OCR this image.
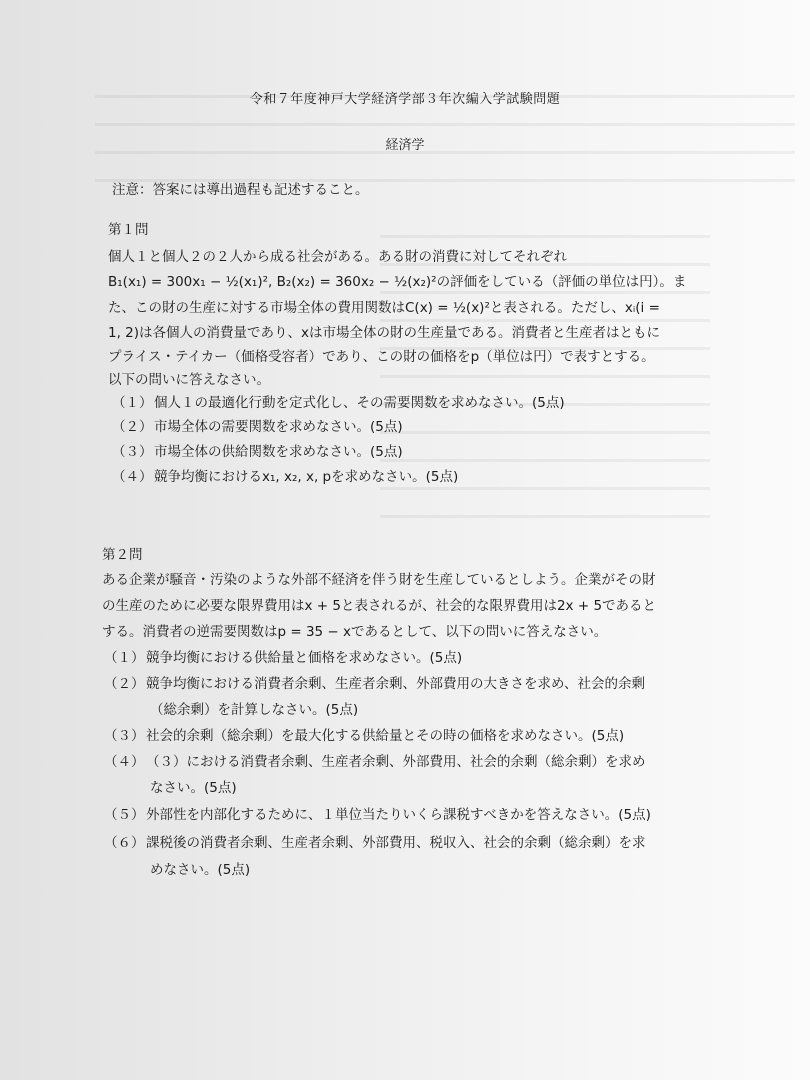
令和７年度神戸大学経済学部３年次編入学試験問題
経済学
注意：答案には導出過程も記述すること。
第１問
個人１と個人２の２人から成る社会がある。ある財の消費に対してそれぞれ
B₁(x₁) = 300x₁ − ½(x₁)², B₂(x₂) = 360x₂ − ½(x₂)²の評価をしている（評価の単位は円）。ま
た、この財の生産に対する市場全体の費用関数はC(x) = ½(x)²と表される。ただし、xᵢ(i =
1, 2)は各個人の消費量であり、xは市場全体の財の生産量である。消費者と生産者はともに
プライス・テイカー（価格受容者）であり、この財の価格をp（単位は円）で表すとする。
以下の問いに答えなさい。
（１） 個人１の最適化行動を定式化し、その需要関数を求めなさい。(5点)
（２） 市場全体の需要関数を求めなさい。(5点)
（３） 市場全体の供給関数を求めなさい。(5点)
（４） 競争均衡におけるx₁, x₂, x, pを求めなさい。(5点)
第２問
ある企業が騒音・汚染のような外部不経済を伴う財を生産しているとしよう。企業がその財
の生産のために必要な限界費用はx + 5と表されるが、社会的な限界費用は2x + 5であると
する。消費者の逆需要関数はp = 35 − xであるとして、以下の問いに答えなさい。
（１） 競争均衡における供給量と価格を求めなさい。(5点)
（２） 競争均衡における消費者余剰、生産者余剰、外部費用の大きさを求め、社会的余剰
（総余剰）を計算しなさい。(5点)
（３） 社会的余剰（総余剰）を最大化する供給量とその時の価格を求めなさい。(5点)
（４） （３）における消費者余剰、生産者余剰、外部費用、社会的余剰（総余剰）を求め
なさい。(5点)
（５） 外部性を内部化するために、１単位当たりいくら課税すべきかを答えなさい。(5点)
（６） 課税後の消費者余剰、生産者余剰、外部費用、税収入、社会的余剰（総余剰）を求
めなさい。(5点)
